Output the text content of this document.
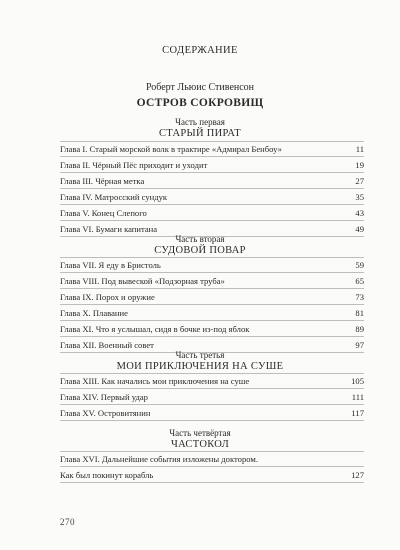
СОДЕРЖАНИЕ
Роберт Льюис Стивенсон
ОСТРОВ СОКРОВИЩ
Часть первая
СТАРЫЙ ПИРАТ
Глава I. Старый морской волк в трактире «Адмирал Бенбоу»	11
Глава II. Чёрный Пёс приходит и уходит	19
Глава III. Чёрная метка	27
Глава IV. Матросский сундук	35
Глава V. Конец Слепого	43
Глава VI. Бумаги капитана	49
Часть вторая
СУДОВОЙ ПОВАР
Глава VII. Я еду в Бристоль	59
Глава VIII. Под вывеской «Подзорная труба»	65
Глава IX. Порох и оружие	73
Глава X. Плавание	81
Глава XI. Что я услышал, сидя в бочке из-под яблок	89
Глава XII. Военный совет	97
Часть третья
МОИ ПРИКЛЮЧЕНИЯ НА СУШЕ
Глава XIII. Как начались мои приключения на суше	105
Глава XIV. Первый удар	111
Глава XV. Островитянин	117
Часть четвёртая
ЧАСТОКОЛ
Глава XVI. Дальнейшие события изложены доктором.
Как был покинут корабль	127
270
